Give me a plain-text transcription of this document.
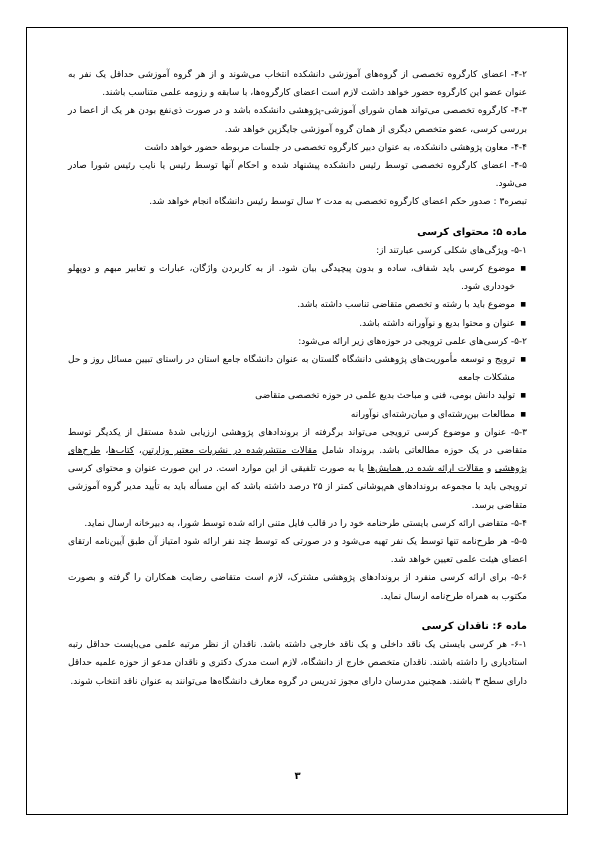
۴-۲- اعضای کارگروه تخصصی از گروه‌های آموزشی دانشکده انتخاب می‌شوند و از هر گروه آموزشی حداقل یک نفر به عنوان عضو این کارگروه حضور خواهد داشت لازم است اعضای کارگروه‌ها، با سابقه و رزومه علمی متناسب باشند.

۴-۳- کارگروه تخصصی می‌تواند همان شورای آموزشی-پژوهشی دانشکده باشد و در صورت ذی‌نفع بودن هر یک از اعضا در بررسی کرسی، عضو متخصص دیگری از همان گروه آموزشی جایگزین خواهد شد.

۴-۴- معاون پژوهشی دانشکده، به عنوان دبیر کارگروه تخصصی در جلسات مربوطه حضور خواهد داشت

۴-۵- اعضای کارگروه تخصصی توسط رئیس دانشکده پیشنهاد شده و احکام آنها توسط رئیس یا نایب رئیس شورا صادر می‌شود.

تبصره۳ : صدور حکم اعضای کارگروه تخصصی به مدت ۲ سال توسط رئیس دانشگاه انجام خواهد شد.

ماده ۵: محتوای کرسی

۵-۱- ویژگی‌های شکلی کرسی عبارتند از:

■ موضوع کرسی باید شفاف، ساده و بدون پیچیدگی بیان شود. از به کاربردن واژگان، عبارات و تعابیر مبهم و دوپهلو خودداری شود.
■ موضوع باید با رشته و تخصص متقاضی تناسب داشته باشد.
■ عنوان و محتوا بدیع و نوآورانه داشته باشد.

۵-۲- کرسی‌های علمی ترویجی در حوزه‌های زیر ارائه می‌شود:

■ ترویج و توسعه مأموریت‌های پژوهشی دانشگاه گلستان به عنوان دانشگاه جامع استان در راستای تبیین مسائل روز و حل مشکلات جامعه
■ تولید دانش بومی، فنی و مباحث بدیع علمی در حوزه تخصصی متقاضی
■ مطالعات بین‌رشته‌ای و میان‌رشته‌ای نوآورانه

۵-۳- عنوان و موضوع کرسی ترویجی می‌تواند برگرفته از برونداد‌های پژوهشی ارزیابی شدۀ مستقل از یکدیگر توسط متقاضی در یک حوزه مطالعاتی باشد. برونداد شامل مقالات منتشرشده در نشریات معتبر وزارتین، کتاب‌ها، طرح‌های پژوهشی و مقالات ارائه شده در همایش‌ها یا به صورت تلفیقی از این موارد است. در این صورت عنوان و محتوای کرسی ترویجی باید با مجموعه بروندادهای هم‌پوشانی کمتر از ۲۵ درصد داشته باشد که این مسأله باید به تأیید مدیر گروه آموزشی متقاضی برسد.

۵-۴- متقاضی ارائه کرسی بایستی طرحنامه خود را در قالب فایل متنی ارائه شده توسط شورا، به دبیرخانه ارسال نماید.

۵-۵- هر طرح‌نامه تنها توسط یک نفر تهیه می‌شود و در صورتی که توسط چند نفر ارائه شود امتیاز آن طبق آیین‌نامه ارتقای اعضای هیئت علمی تعیین خواهد شد.

۵-۶- برای ارائه کرسی منفرد از برونداد‌های پژوهشی مشترک، لازم است متقاضی رضایت همکاران را گرفته و بصورت مکتوب به همراه طرح‌نامه ارسال نماید.

ماده ۶: ناقدان کرسی

۶-۱- هر کرسی بایستی یک ناقد داخلی و یک ناقد خارجی داشته باشد. ناقدان از نظر مرتبه علمی می‌بایست حداقل رتبه استادیاری را داشته باشند. ناقدان متخصص خارج از دانشگاه، لازم است مدرک دکتری و ناقدان مدعو از حوزه علمیه حداقل دارای سطح ۳ باشند. همچنین مدرسان دارای مجوز تدریس در گروه معارف دانشگاه‌ها می‌توانند به عنوان ناقد انتخاب شوند.

۳
